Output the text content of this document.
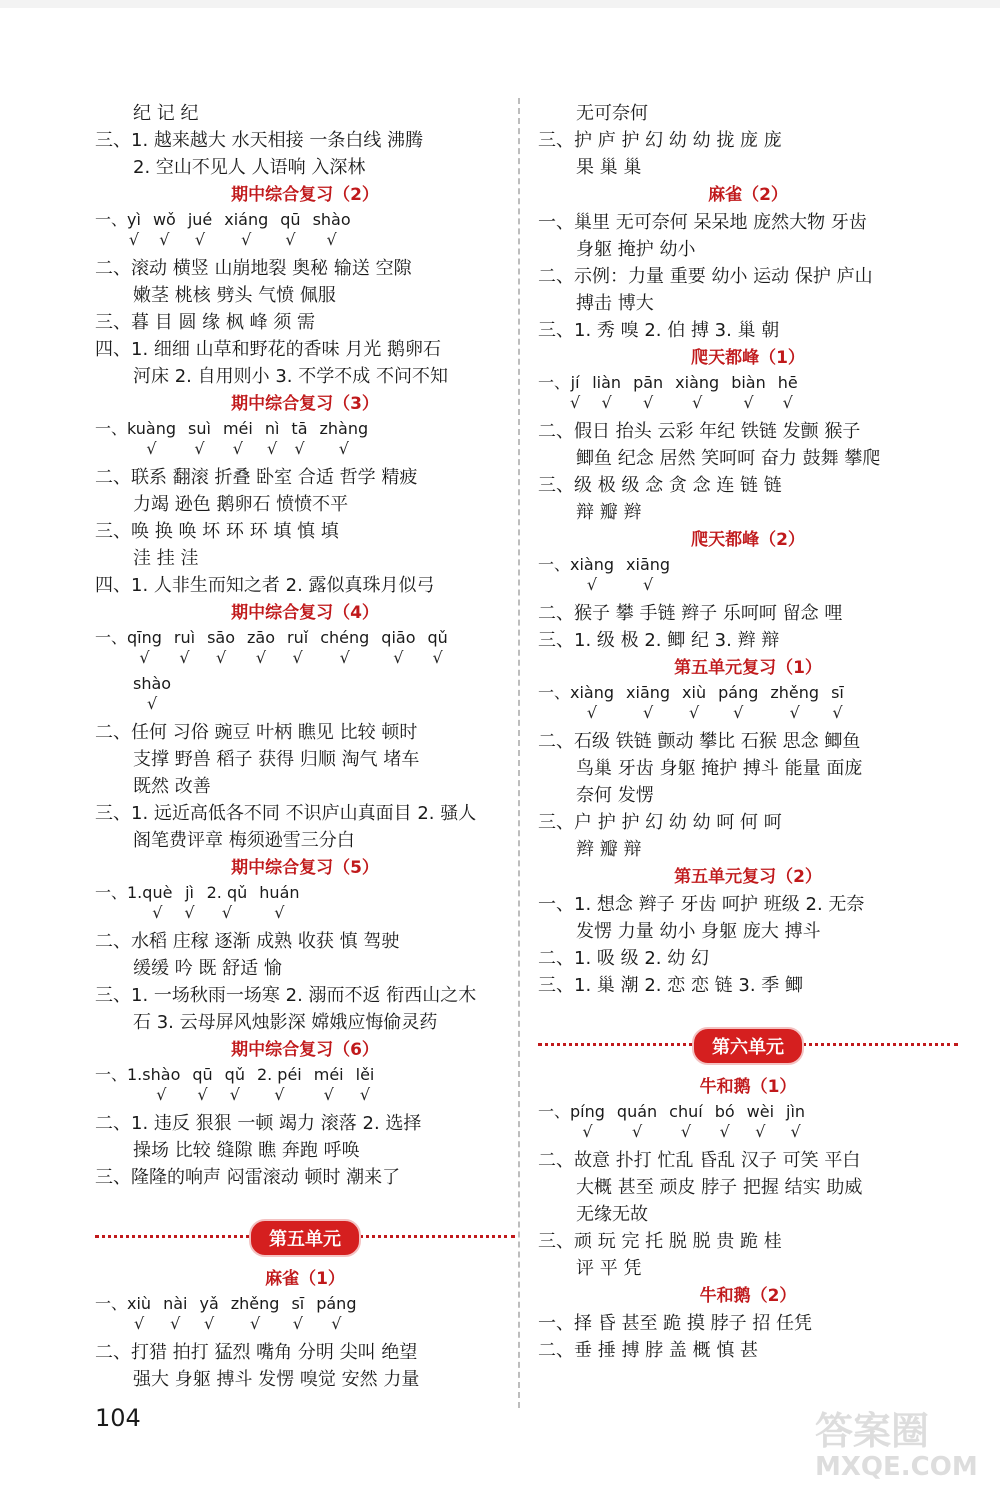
纪 记 纪
三、1. 越来越大 水天相接 一条白线 沸腾
2. 空山不见人 人语响 入深林
期中综合复习（2）
一、yì
√
wǒ
√
jué
√
xiáng
√
qū
√
shào
√
二、滚动 横竖 山崩地裂 奥秘 输送 空隙
嫩茎 桃核 劈头 气愤 佩服
三、暮 目 圆 缘 枫 峰 须 需
四、1. 细细 山草和野花的香味 月光 鹅卵石
河床 2. 自用则小 3. 不学不成 不问不知
期中综合复习（3）
一、kuàng
√
suì
√
méi
√
nì
√
tā
√
zhàng
√
二、联系 翻滚 折叠 卧室 合适 哲学 精疲
力竭 逊色 鹅卵石 愤愤不平
三、唤 换 唤 坏 环 环 填 慎 填
洼 挂 洼
四、1. 人非生而知之者 2. 露似真珠月似弓
期中综合复习（4）
一、qīng
√
ruì
√
sāo
√
zāo
√
ruǐ
√
chéng
√
qiāo
√
qǔ
√
shào
√
二、任何 习俗 豌豆 叶柄 瞧见 比较 顿时
支撑 野兽 稻子 获得 归顺 淘气 堵车
既然 改善
三、1. 远近高低各不同 不识庐山真面目 2. 骚人
阁笔费评章 梅须逊雪三分白
期中综合复习（5）
一、1.què
√
jì
√
2. qǔ
√
huán
√
二、水稻 庄稼 逐渐 成熟 收获 慎 驾驶
缓缓 吟 既 舒适 愉
三、1. 一场秋雨一场寒 2. 溺而不返 衔西山之木
石 3. 云母屏风烛影深 嫦娥应悔偷灵药
期中综合复习（6）
一、1.shào
√
qū
√
qǔ
√
2. péi
√
méi
√
lěi
√
二、1. 违反 狠狠 一顿 竭力 滚落 2. 选择
操场 比较 缝隙 瞧 奔跑 呼唤
三、隆隆的响声 闷雷滚动 顿时 潮来了
第五单元
麻雀（1）
一、xiù
√
nài
√
yǎ
√
zhěng
√
sī
√
páng
√
二、打猎 拍打 猛烈 嘴角 分明 尖叫 绝望
强大 身躯 搏斗 发愣 嗅觉 安然 力量
无可奈何
三、护 庐 护 幻 幼 幼 拢 庞 庞
果 巢 巢
麻雀（2）
一、巢里 无可奈何 呆呆地 庞然大物 牙齿
身躯 掩护 幼小
二、示例：力量 重要 幼小 运动 保护 庐山
搏击 博大
三、1. 秀 嗅 2. 伯 搏 3. 巢 朝
爬天都峰（1）
一、jí
√
liàn
√
pān
√
xiàng
√
biàn
√
hē
√
二、假日 抬头 云彩 年纪 铁链 发颤 猴子
鲫鱼 纪念 居然 笑呵呵 奋力 鼓舞 攀爬
三、级 极 级 念 贪 念 连 链 链
辩 瓣 辫
爬天都峰（2）
一、xiàng
√
xiāng
√
二、猴子 攀 手链 辫子 乐呵呵 留念 哩
三、1. 级 极 2. 鲫 纪 3. 辫 辩
第五单元复习（1）
一、xiàng
√
xiāng
√
xiù
√
páng
√
zhěng
√
sī
√
二、石级 铁链 颤动 攀比 石猴 思念 鲫鱼
鸟巢 牙齿 身躯 掩护 搏斗 能量 面庞
奈何 发愣
三、户 护 护 幻 幼 幼 呵 何 呵
辫 瓣 辩
第五单元复习（2）
一、1. 想念 辫子 牙齿 呵护 班级 2. 无奈
发愣 力量 幼小 身躯 庞大 搏斗
二、1. 吸 级 2. 幼 幻
三、1. 巢 潮 2. 恋 恋 链 3. 季 鲫
第六单元
牛和鹅（1）
一、píng
√
quán
√
chuí
√
bó
√
wèi
√
jìn
√
二、故意 扑打 忙乱 昏乱 汉子 可笑 平白
大概 甚至 顽皮 脖子 把握 结实 助威
无缘无故
三、顽 玩 完 托 脱 脱 贵 跪 桂
评 平 凭
牛和鹅（2）
一、择 昏 甚至 跪 摸 脖子 招 任凭
二、垂 捶 搏 脖 盖 概 慎 甚
104	答案圈
MXQE.COM
